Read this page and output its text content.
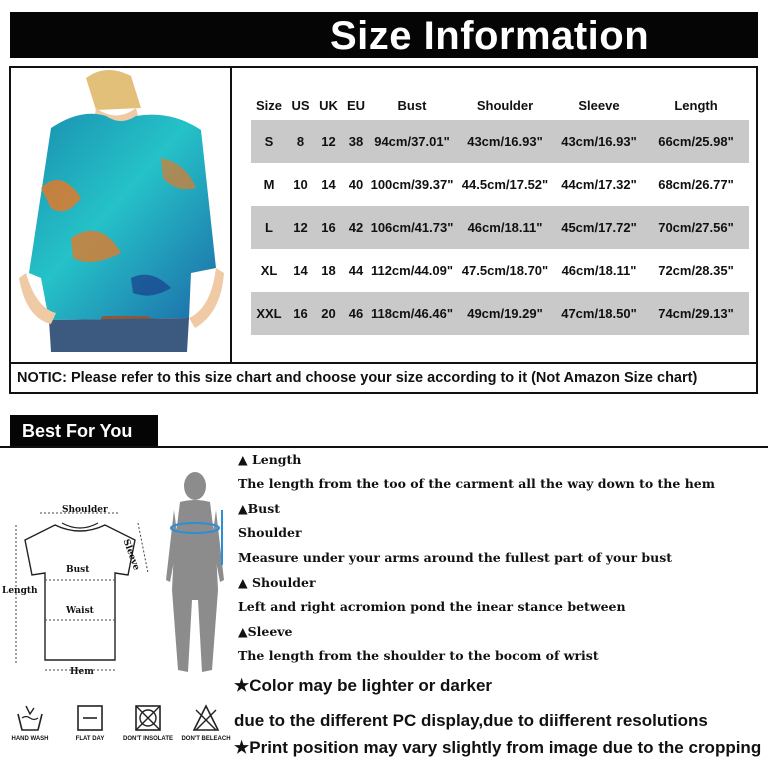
Size Information
Size US UK EU	Bust	Shoulder	Sleeve	Length
S	8	12	38 94cm/37.01"	43cm/16.93"	43cm/16.93"	66cm/25.98"
M	10	14	40 100cm/39.37" 44.5cm/17.52"	44cm/17.32"	68cm/26.77"
L	12	16	42 106cm/41.73"	46cm/18.11"	45cm/17.72"	70cm/27.56"
XL	14	18	44 112cm/44.09" 47.5cm/18.70"	46cm/18.11"	72cm/28.35"
XXL 16	20	46 118cm/46.46"	49cm/19.29"	47cm/18.50"	74cm/29.13"
NOTIC: Please refer to this size chart and choose your size according to it (Not Amazon Size chart)
Best For You
Shoulder
Sleeve
Bust
Length
Waist
Hem
▲ Length
The length from the too of the carment all the way down to the hem
▲Bust
Shoulder
Measure under your arms around the fullest part of your bust
▲ Shoulder
Left and right acromion pond the inear stance between
▲Sleeve
The length from the shoulder to the bocom of wrist
★Color may be lighter or darker
due to the different PC display,due to diifferent resolutions
★Print position may vary slightly from image due to the cropping
HAND WASH	FLAT DAY	DON'T INSOLATE	DON'T BELEACH
